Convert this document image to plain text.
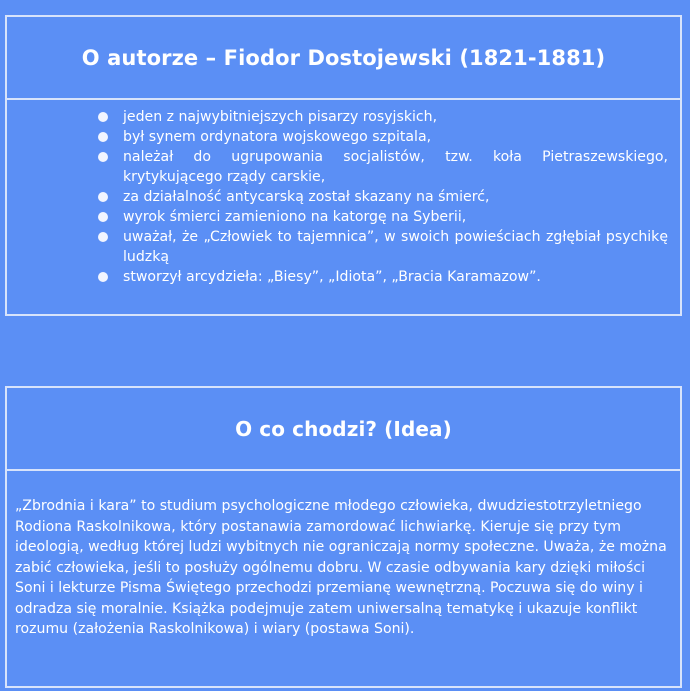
O autorze – Fiodor Dostojewski (1821-1881)
jeden z najwybitniejszych pisarzy rosyjskich,
był synem ordynatora wojskowego szpitala,
należał do ugrupowania socjalistów, tzw. koła Pietraszewskiego, krytykującego rządy carskie,
za działalność antycarską został skazany na śmierć,
wyrok śmierci zamieniono na katorgę na Syberii,
uważał, że „Człowiek to tajemnica”, w swoich powieściach zgłębiał psychikę ludzką
stworzył arcydzieła: „Biesy”, „Idiota”, „Bracia Karamazow”.
O co chodzi? (Idea)

„Zbrodnia i kara” to studium psychologiczne młodego człowieka, dwudziestotrzyletniego Rodiona Raskolnikowa, który postanawia zamordować lichwiarkę. Kieruje się przy tym ideologią, według której ludzi wybitnych nie ograniczają normy społeczne. Uważa, że można zabić człowieka, jeśli to posłuży ogólnemu dobru. W czasie odbywania kary dzięki miłości Soni i lekturze Pisma Świętego przechodzi przemianę wewnętrzną. Poczuwa się do winy i odradza się moralnie. Książka podejmuje zatem uniwersalną tematykę i ukazuje konflikt rozumu (założenia Raskolnikowa) i wiary (postawa Soni).
